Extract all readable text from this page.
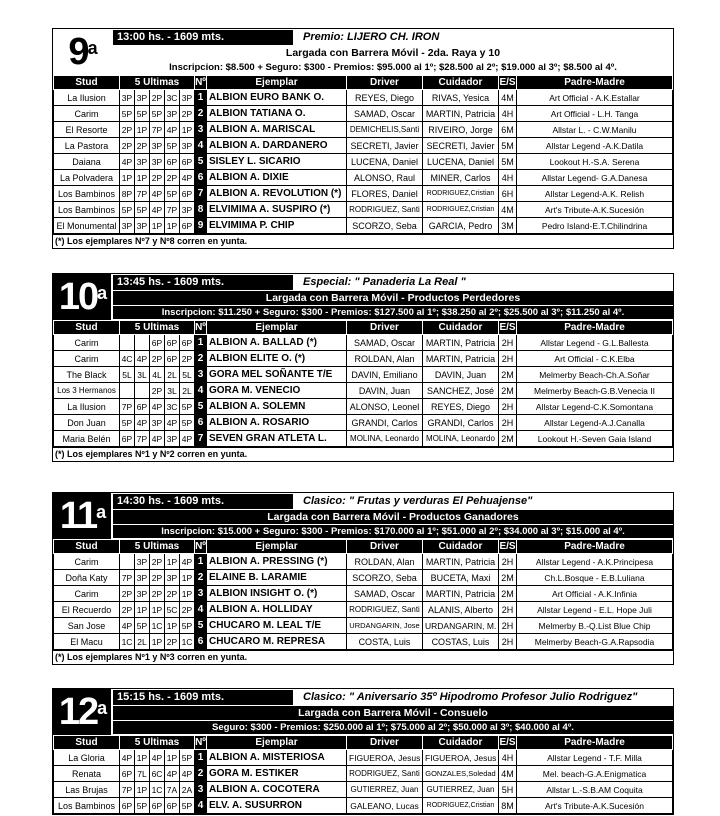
9$^a$
13:00 hs. - 1609 mts.	Premio: LIJERO CH. IRON
Largada con Barrera Móvil - 2da. Raya y 10
Inscripcion: $8.500 + Seguro: $300 - Premios: $95.000 al 1º; $28.500 al 2º; $19.000 al 3º; $8.500 al 4º.
Stud	5 Ultimas					Nº	Ejemplar	Driver	Cuidador	E/S	Padre-Madre
La Ilusion	3P	3P	2P	3C	3P	1	ALBION EURO BANK O.	REYES, Diego	RIVAS, Yesica	4M	Art Official - A.K.Estallar
Carim	5P	5P	5P	3P	2P	2	ALBION TATIANA O.	SAMAD, Oscar	MARTIN, Patricia	4H	Art Official - L.H. Tanga
El Resorte	2P	1P	7P	4P	1P	3	ALBION A. MARISCAL	DEMICHELIS,Santi	RIVEIRO, Jorge	6M	Allstar L. - C.W.Manilu
La Pastora	2P	2P	3P	5P	3P	4	ALBION A. DARDANERO	SECRETI, Javier	SECRETI, Javier	5M	Allstar Legend -A.K.Datila
Daiana	4P	3P	3P	6P	6P	5	SISLEY L. SICARIO	LUCENA, Daniel	LUCENA, Daniel	5M	Lookout H.-S.A. Serena
La Polvadera	1P	1P	2P	2P	4P	6	ALBION A. DIXIE	ALONSO, Raul	MINER, Carlos	4H	Allstar Legend- G.A.Danesa
Los Bambinos	8P	7P	4P	5P	6P	7	ALBION A. REVOLUTION (*)	FLORES, Daniel	RODRIGUEZ,Cristian	6H	Allstar Legend-A.K. Relish
Los Bambinos	5P	5P	4P	7P	3P	8	ELVIMIMA A. SUSPIRO (*)	RODRIGUEZ, Santi	RODRIGUEZ,Cristian	4M	Art's Tribute-A.K.Sucesión
El Monumental	3P	3P	1P	1P	6P	9	ELVIMIMA P. CHIP	SCORZO, Seba	GARCIA, Pedro	3M	Pedro Island-E.T.Chilindrina
(*) Los ejemplares Nº7 y Nº8 corren en yunta.
10$^a$
13:45 hs. - 1609 mts.	Especial: " Panaderia La Real "
Largada con Barrera Móvil - Productos Perdedores
Inscripcion: $11.250 + Seguro: $300 - Premios: $127.500 al 1º; $38.250 al 2º; $25.500 al 3º; $11.250 al 4º.
Stud	5 Ultimas					Nº	Ejemplar	Driver	Cuidador	E/S	Padre-Madre
Carim			6P	6P	6P	1	ALBION A. BALLAD (*)	SAMAD, Oscar	MARTIN, Patricia	2H	Allstar Legend - G.L.Ballesta
Carim	4C	4P	2P	6P	2P	2	ALBION ELITE O. (*)	ROLDAN, Alan	MARTIN, Patricia	2H	Art Official - C.K.Elba
The Black	5L	3L	4L	2L	5L	3	GORA MEL SOÑANTE T/E	DAVIN, Emiliano	DAVIN, Juan	2M	Melmerby Beach-Ch.A.Soñar
Los 3 Hermanos			2P	3L	2L	4	GORA M. VENECIO	DAVIN, Juan	SANCHEZ, José	2M	Melmerby Beach-G.B.Venecia II
La Ilusion	7P	6P	4P	3C	5P	5	ALBION A. SOLEMN	ALONSO, Leonel	REYES, Diego	2H	Allstar Legend-C.K.Somontana
Don Juan	5P	4P	3P	4P	5P	6	ALBION A. ROSARIO	GRANDI, Carlos	GRANDI, Carlos	2H	Allstar Legend-A.J.Canalla
Maria Belén	6P	7P	4P	3P	4P	7	SEVEN GRAN ATLETA L.	MOLINA, Leonardo	MOLINA, Leonardo	2M	Lookout H.-Seven Gaia Island
(*) Los ejemplares Nº1 y Nº2 corren en yunta.
11$^a$
14:30 hs. - 1609 mts.	Clasico: " Frutas y verduras El Pehuajense"
Largada con Barrera Móvil - Productos Ganadores
Inscripcion: $15.000 + Seguro: $300 - Premios: $170.000 al 1º; $51.000 al 2º; $34.000 al 3º; $15.000 al 4º.
Stud	5 Ultimas					Nº	Ejemplar	Driver	Cuidador	E/S	Padre-Madre
Carim		3P	2P	1P	4P	1	ALBION A. PRESSING (*)	ROLDAN, Alan	MARTIN, Patricia	2H	Allstar Legend - A.K.Principesa
Doña Katy	7P	3P	2P	3P	1P	2	ELAINE B. LARAMIE	SCORZO, Seba	BUCETA, Maxi	2M	Ch.L.Bosque - E.B.Luliana
Carim	2P	3P	2P	2P	1P	3	ALBION INSIGHT O. (*)	SAMAD, Oscar	MARTIN, Patricia	2M	Art Official - A.K.Infinia
El Recuerdo	2P	1P	1P	5C	2P	4	ALBION A. HOLLIDAY	RODRIGUEZ, Santi	ALANIS, Alberto	2H	Allstar Legend - E.L. Hope Juli
San Jose	4P	5P	1C	1P	5P	5	CHUCARO M. LEAL T/E	URDANGARIN, Jose	URDANGARIN, M.	2H	Melmerby B.-Q.List Blue Chip
El Macu	1C	2L	1P	2P	1C	6	CHUCARO M. REPRESA	COSTA, Luis	COSTAS, Luis	2H	Melmerby Beach-G.A.Rapsodia
(*) Los ejemplares Nº1 y Nº3 corren en yunta.
12$^a$
15:15 hs. - 1609 mts.	Clasico: " Aniversario 35º Hipodromo Profesor Julio Rodriguez"
Largada con Barrera Móvil - Consuelo
Seguro: $300 - Premios: $250.000 al 1º; $75.000 al 2º; $50.000 al 3º; $40.000 al 4º.
Stud	5 Ultimas					Nº	Ejemplar	Driver	Cuidador	E/S	Padre-Madre
La Gloria	4P	1P	4P	1P	5P	1	ALBION A. MISTERIOSA	FIGUEROA, Jesus	FIGUEROA, Jesus	4H	Allstar Legend - T.F. Milla
Renata	6P	7L	6C	4P	4P	2	GORA M. ESTIKER	RODRIGUEZ, Santi	GONZALES,Soledad	4M	Mel. beach-G.A.Enigmatica
Las Brujas	7P	1P	1C	7A	2A	3	ALBION A. COCOTERA	GUTIERREZ, Juan	GUTIERREZ, Juan	5H	Allstar L.-S.B.AM Coquita
Los Bambinos	6P	5P	6P	6P	5P	4	ELV. A. SUSURRON	GALEANO, Lucas	RODRIGUEZ,Cristian	8M	Art's Tribute-A.K.Sucesión
